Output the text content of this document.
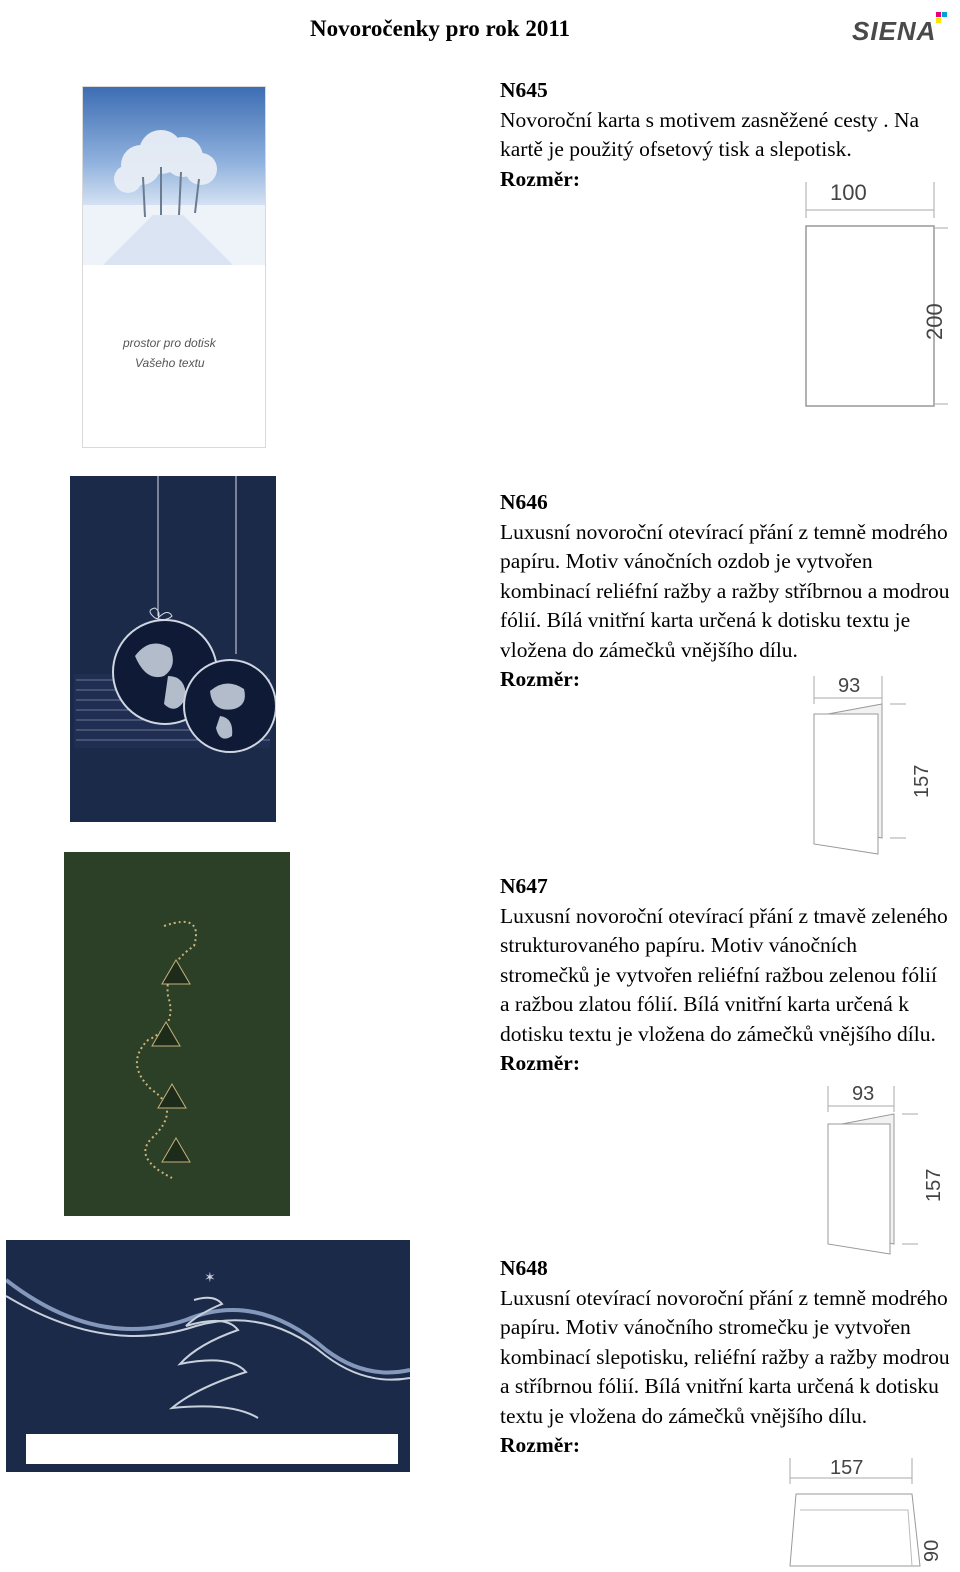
Novoročenky pro rok 2011	SIENA
prostor pro dotisk
Vašeho textu
N645
Novoroční karta s motivem zasněžené cesty . Na kartě je použitý ofsetový tisk a slepotisk.
Rozměr:
100
200
N646
Luxusní novoroční otevírací přání z temně modrého papíru. Motiv vánočních ozdob je vytvořen kombinací reliéfní ražby a ražby stříbrnou a modrou fólií. Bílá vnitřní karta určená k dotisku textu je vložena do zámečků vnějšího dílu.
Rozměr:	93
157
N647
Luxusní novoroční otevírací přání z tmavě zeleného strukturovaného papíru. Motiv vánočních stromečků je vytvořen reliéfní ražbou zelenou fólií a ražbou zlatou fólií. Bílá vnitřní karta určená k dotisku textu je vložena do zámečků vnějšího dílu.
Rozměr:
93
157
✶	N648
Luxusní otevírací novoroční přání z temně modrého papíru. Motiv vánočního stromečku je vytvořen kombinací slepotisku, reliéfní ražby a ražby modrou a stříbrnou fólií. Bílá vnitřní karta určená k dotisku textu je vložena do zámečků vnějšího dílu.
Rozměr:
157
90
